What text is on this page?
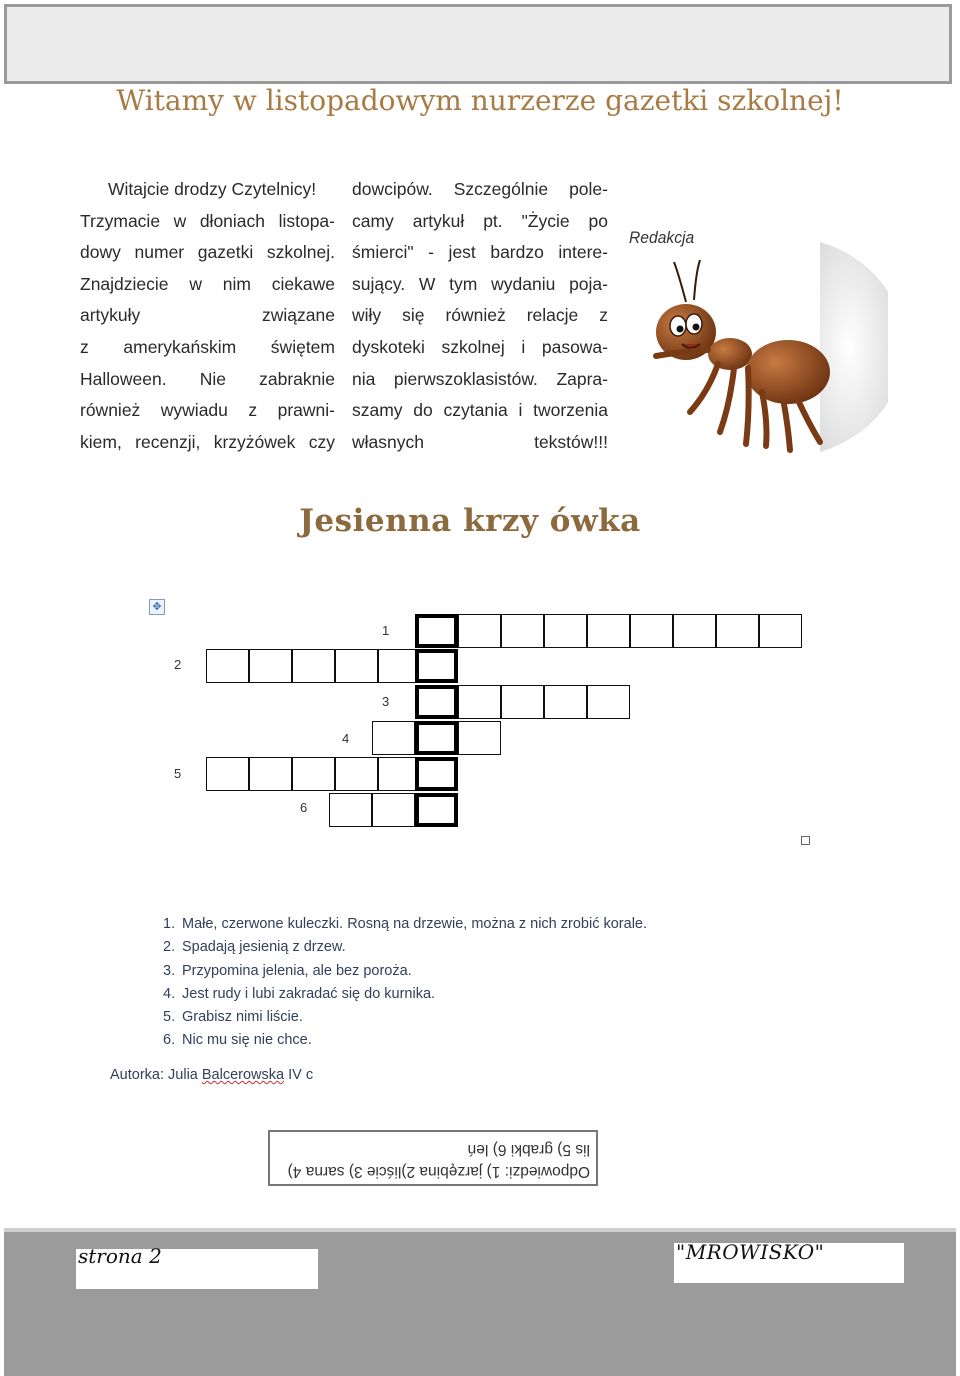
Witamy w listopadowym nurzerze gazetki szkolnej!
Witajcie drodzy Czytelnicy!
Trzymacie w dłoniach listopa-
dowy numer gazetki szkolnej.
Znajdziecie w nim ciekawe
artykuły związane
z amerykańskim świętem
Halloween. Nie zabraknie
również wywiadu z prawni-
kiem, recenzji, krzyżówek czy
dowcipów. Szczególnie pole-
camy artykuł pt. "Życie po
śmierci" - jest bardzo intere-
sujący. W tym wydaniu poja-
wiły się również relacje z
dyskoteki szkolnej i pasowa-
nia pierwszoklasistów. Zapra-
szamy do czytania i tworzenia
własnych tekstów!!!
Redakcja
Jesienna krzy ówka
✥
1
2
3
4
5
6
1. Małe, czerwone kuleczki. Rosną na drzewie, można z nich zrobić korale.
2. Spadają jesienią z drzew.
3. Przypomina jelenia, ale bez poroża.
4. Jest rudy i lubi zakradać się do kurnika.
5. Grabisz nimi liście.
6. Nic mu się nie chce.
Autorka: Julia Balcerowska IV c
Odpowiedzi: 1) jarzębina 2)liście 3) sarna 4)
lis 5) grabki 6) leń
strona 2	"MROWISKO"
